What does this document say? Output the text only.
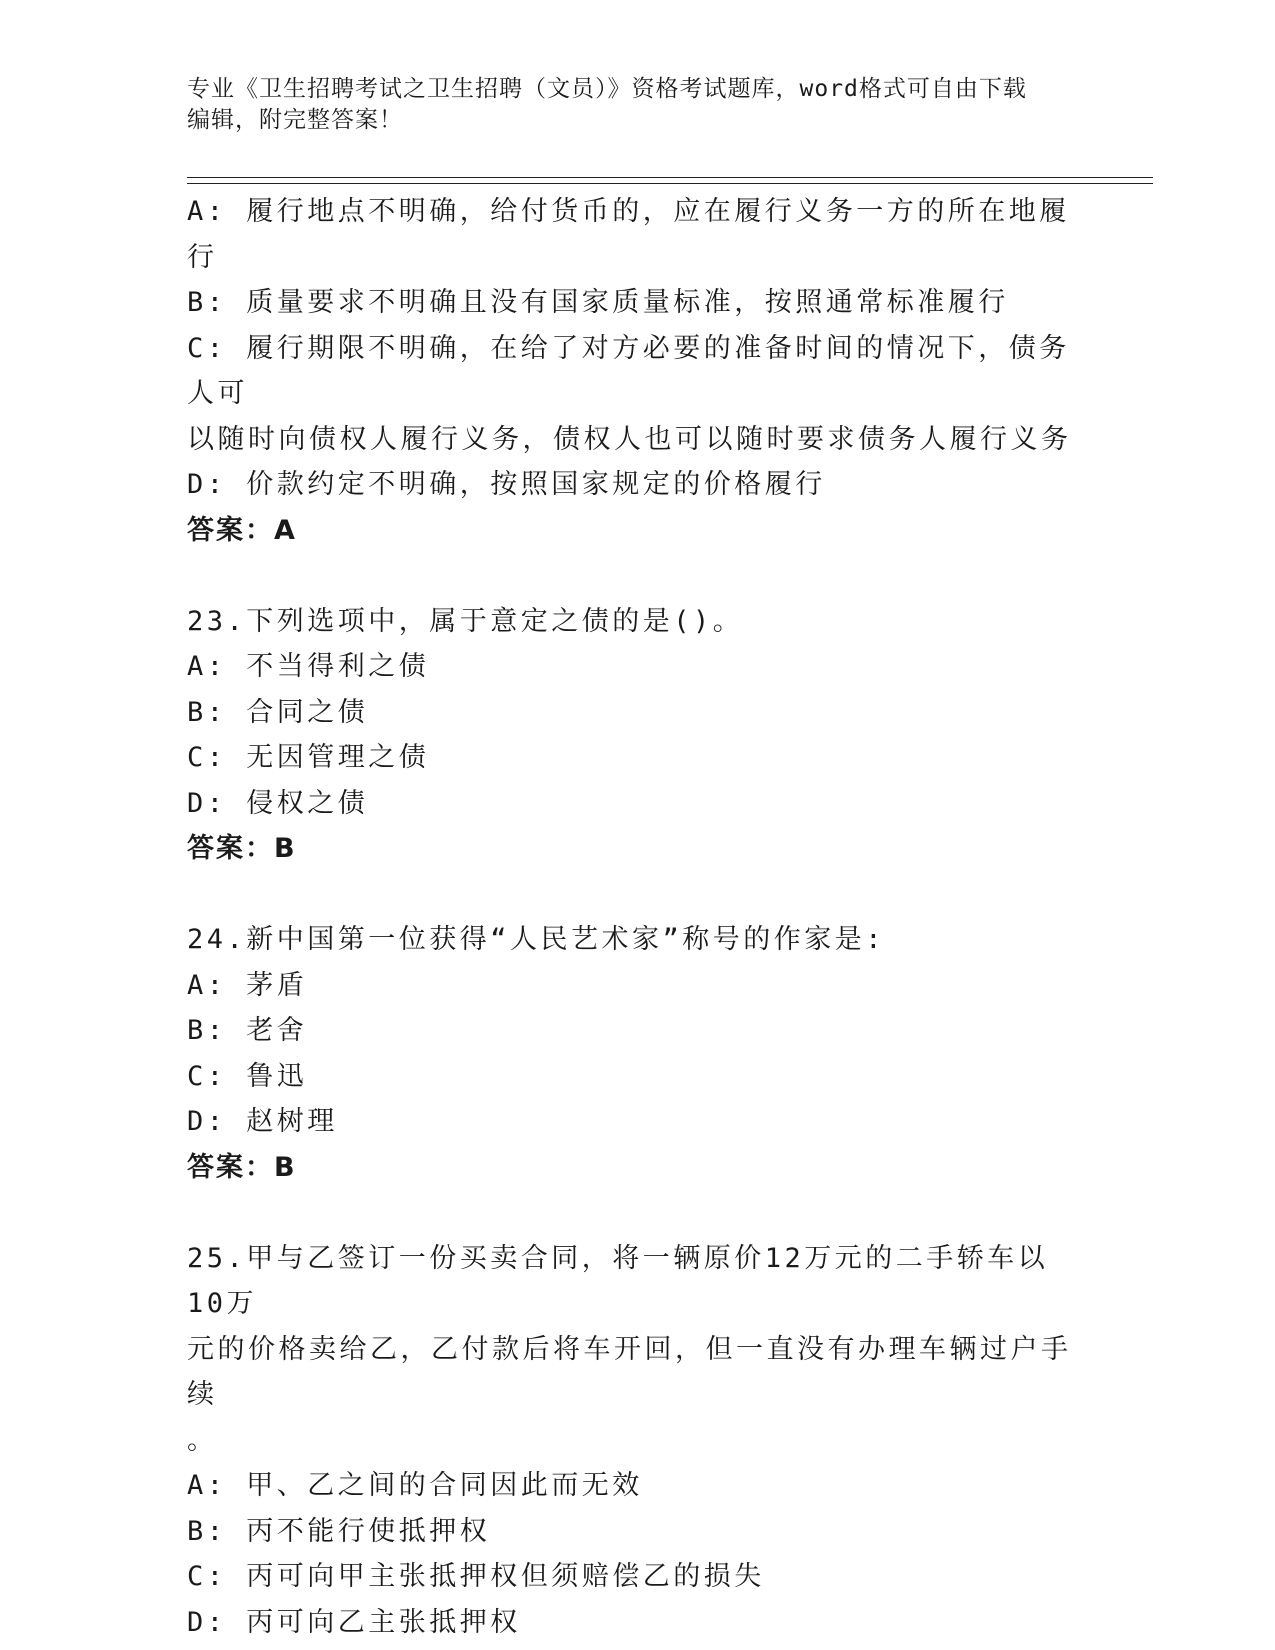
专业《卫生招聘考试之卫生招聘（文员）》资格考试题库，word格式可自由下载
编辑，附完整答案！
A: 履行地点不明确，给付货币的，应在履行义务一方的所在地履行
B: 质量要求不明确且没有国家质量标准，按照通常标准履行
C: 履行期限不明确，在给了对方必要的准备时间的情况下，债务人可
以随时向债权人履行义务，债权人也可以随时要求债务人履行义务
D: 价款约定不明确，按照国家规定的价格履行
答案：A
23.下列选项中，属于意定之债的是()。
A: 不当得利之债
B: 合同之债
C: 无因管理之债
D: 侵权之债
答案：B
24.新中国第一位获得“人民艺术家”称号的作家是:
A: 茅盾
B: 老舍
C: 鲁迅
D: 赵树理
答案：B
25.甲与乙签订一份买卖合同，将一辆原价12万元的二手轿车以10万
元的价格卖给乙，乙付款后将车开回，但一直没有办理车辆过户手续
。
A: 甲、乙之间的合同因此而无效
B: 丙不能行使抵押权
C: 丙可向甲主张抵押权但须赔偿乙的损失
D: 丙可向乙主张抵押权
